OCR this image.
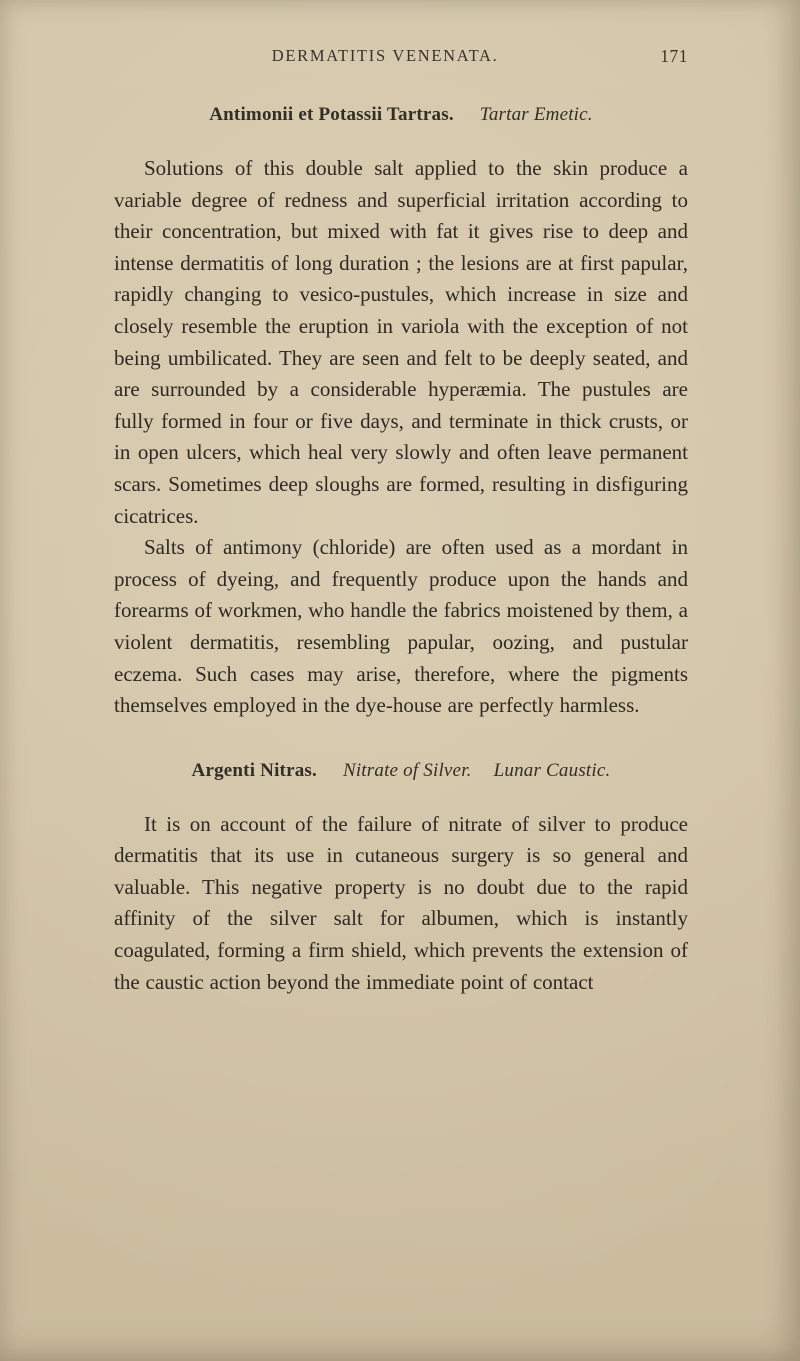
DERMATITIS VENENATA.	171
Antimonii et Potassii Tartras. Tartar Emetic.

Solutions of this double salt applied to the skin produce a variable degree of redness and superficial irritation according to their concentration, but mixed with fat it gives rise to deep and intense dermatitis of long duration ; the lesions are at first papular, rapidly changing to vesico-pustules, which increase in size and closely resemble the eruption in variola with the exception of not being umbilicated. They are seen and felt to be deeply seated, and are surrounded by a considerable hyperæmia. The pustules are fully formed in four or five days, and terminate in thick crusts, or in open ulcers, which heal very slowly and often leave permanent scars. Sometimes deep sloughs are formed, resulting in disfiguring cicatrices.

Salts of antimony (chloride) are often used as a mordant in process of dyeing, and frequently produce upon the hands and forearms of workmen, who handle the fabrics moistened by them, a violent dermatitis, resembling papular, oozing, and pustular eczema. Such cases may arise, therefore, where the pigments themselves employed in the dye-house are perfectly harmless.

Argenti Nitras. Nitrate of Silver. Lunar Caustic.

It is on account of the failure of nitrate of silver to produce dermatitis that its use in cutaneous surgery is so general and valuable. This negative property is no doubt due to the rapid affinity of the silver salt for albumen, which is instantly coagulated, forming a firm shield, which prevents the extension of the caustic action beyond the immediate point of contact
